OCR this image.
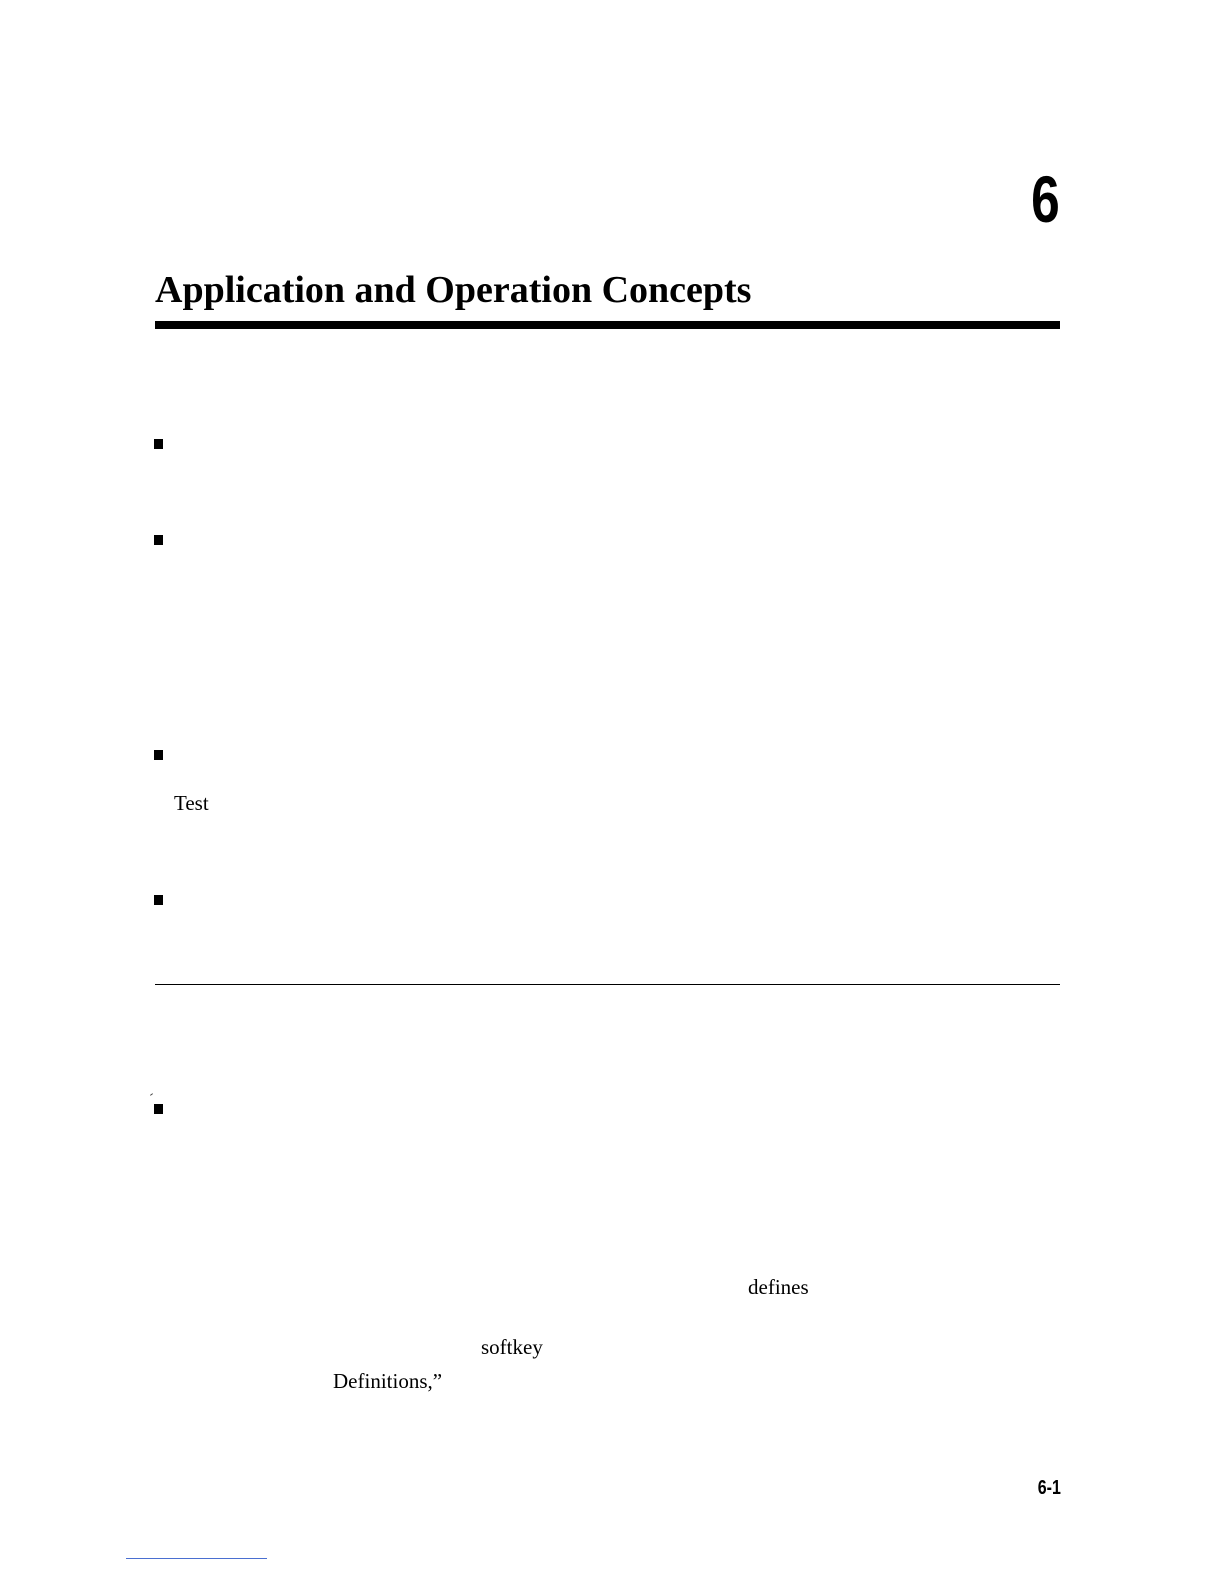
6
Application and Operation Concepts
Test
defines
softkey
Definitions,”
6-1
